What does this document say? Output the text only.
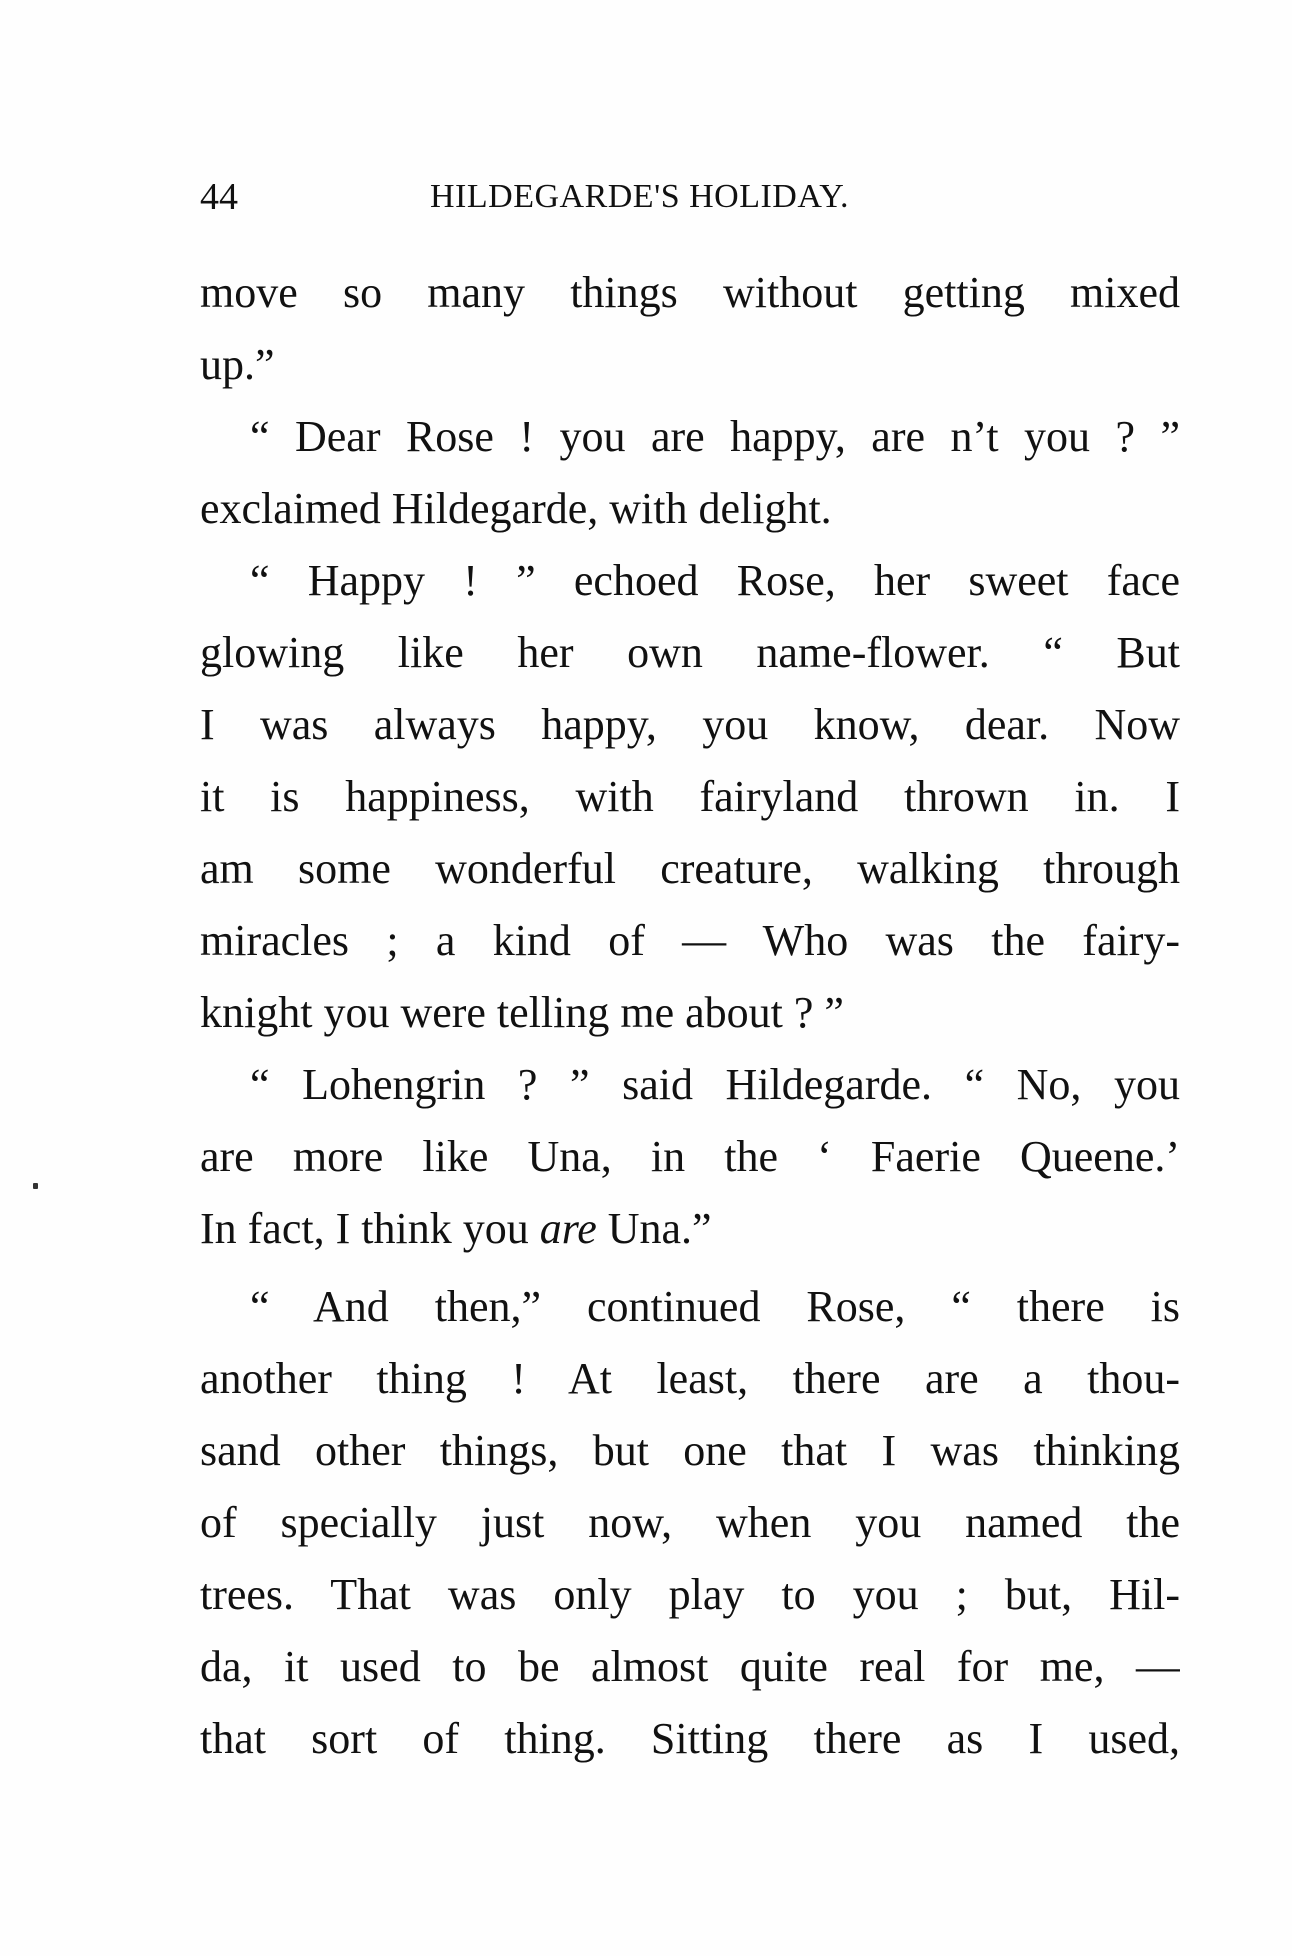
44	HILDEGARDE'S HOLIDAY.
move so many things without getting mixed
up.”
“ Dear Rose ! you are happy, are n’t you ? ”
exclaimed Hildegarde, with delight.
“ Happy ! ” echoed Rose, her sweet face
glowing like her own name-flower. “ But
I was always happy, you know, dear. Now
it is happiness, with fairyland thrown in. I
am some wonderful creature, walking through
miracles ; a kind of — Who was the fairy-
knight you were telling me about ? ”
“ Lohengrin ? ” said Hildegarde. “ No, you
are more like Una, in the ‘ Faerie Queene.’
In fact, I think you are Una.”
“ And then,” continued Rose, “ there is
another thing ! At least, there are a thou-
sand other things, but one that I was thinking
of specially just now, when you named the
trees. That was only play to you ; but, Hil-
da, it used to be almost quite real for me, —
that sort of thing. Sitting there as I used,
